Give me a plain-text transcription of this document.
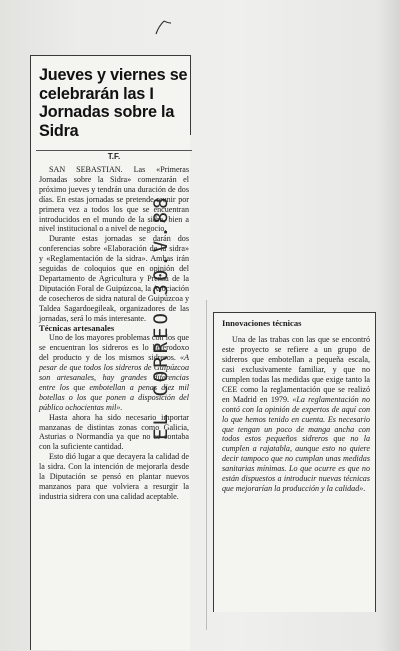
Jueves y viernes se celebrarán las I Jornadas sobre la Sidra
T.F.

SAN SEBASTIAN. Las «Primeras Jornadas sobre la Sidra» comenzarán el próximo jueves y tendrán una duración de dos días. En estas jornadas se pretende reunir por primera vez a todos los que se encuentran introducidos en el mundo de la sidra, bien a nivel institucional o a nivel de negocio.

Durante estas jornadas se darán dos conferencias sobre «Elaboración de la sidra» y «Reglamentación de la sidra». Ambas irán seguidas de coloquios que en opinión del Departamento de Agricultura y Prensa de la Diputación Foral de Guipúzcoa, la Asociación de cosecheros de sidra natural de Guipúzcoa y Taldea Sagardoegileak, organizadores de las jornadas, será lo más interesante.

Técnicas artesanales

Uno de los mayores problemas con los que se encuentran los sidreros es lo heterodoxo del producto y de los mismos sidreros. «A pesar de que todos los sidreros de Guipúzcoa son artesanales, hay grandes diferencias entre los que embotellan a penas diez mil botellas o los que ponen a disposición del público ochocientas mil».

Hasta ahora ha sido necesario importar manzanas de distintas zonas como Galicia, Asturias o Normandía ya que no se contaba con la suficiente cantidad.

Esto dió lugar a que decayera la calidad de la sidra. Con la intención de mejorarla desde la Diputación se pensó en plantar nuevos manzanos para que volviera a resurgir la industria sidrera con una calidad aceptable.

EL CORREO 30.V.88	Innovaciones técnicas

Una de las trabas con las que se encontró este proyecto se refiere a un grupo de sidreros que embotellan a pequeña escala, casi exclusivamente familiar, y que no cumplen todas las medidas que exige tanto la CEE como la reglamentación que se realizó en Madrid en 1979. «La reglamentación no contó con la opinión de expertos de aquí con lo que hemos tenido en cuenta. Es necesario que tengan un poco de manga ancha con todos estos pequeños sidreros que no la cumplen a rajatabla, aunque esto no quiere decir tampoco que no cumplan unas medidas sanitarias mínimas. Lo que ocurre es que no están dispuestos a introducir nuevas técnicas que mejorarían la producción y la calidad».
